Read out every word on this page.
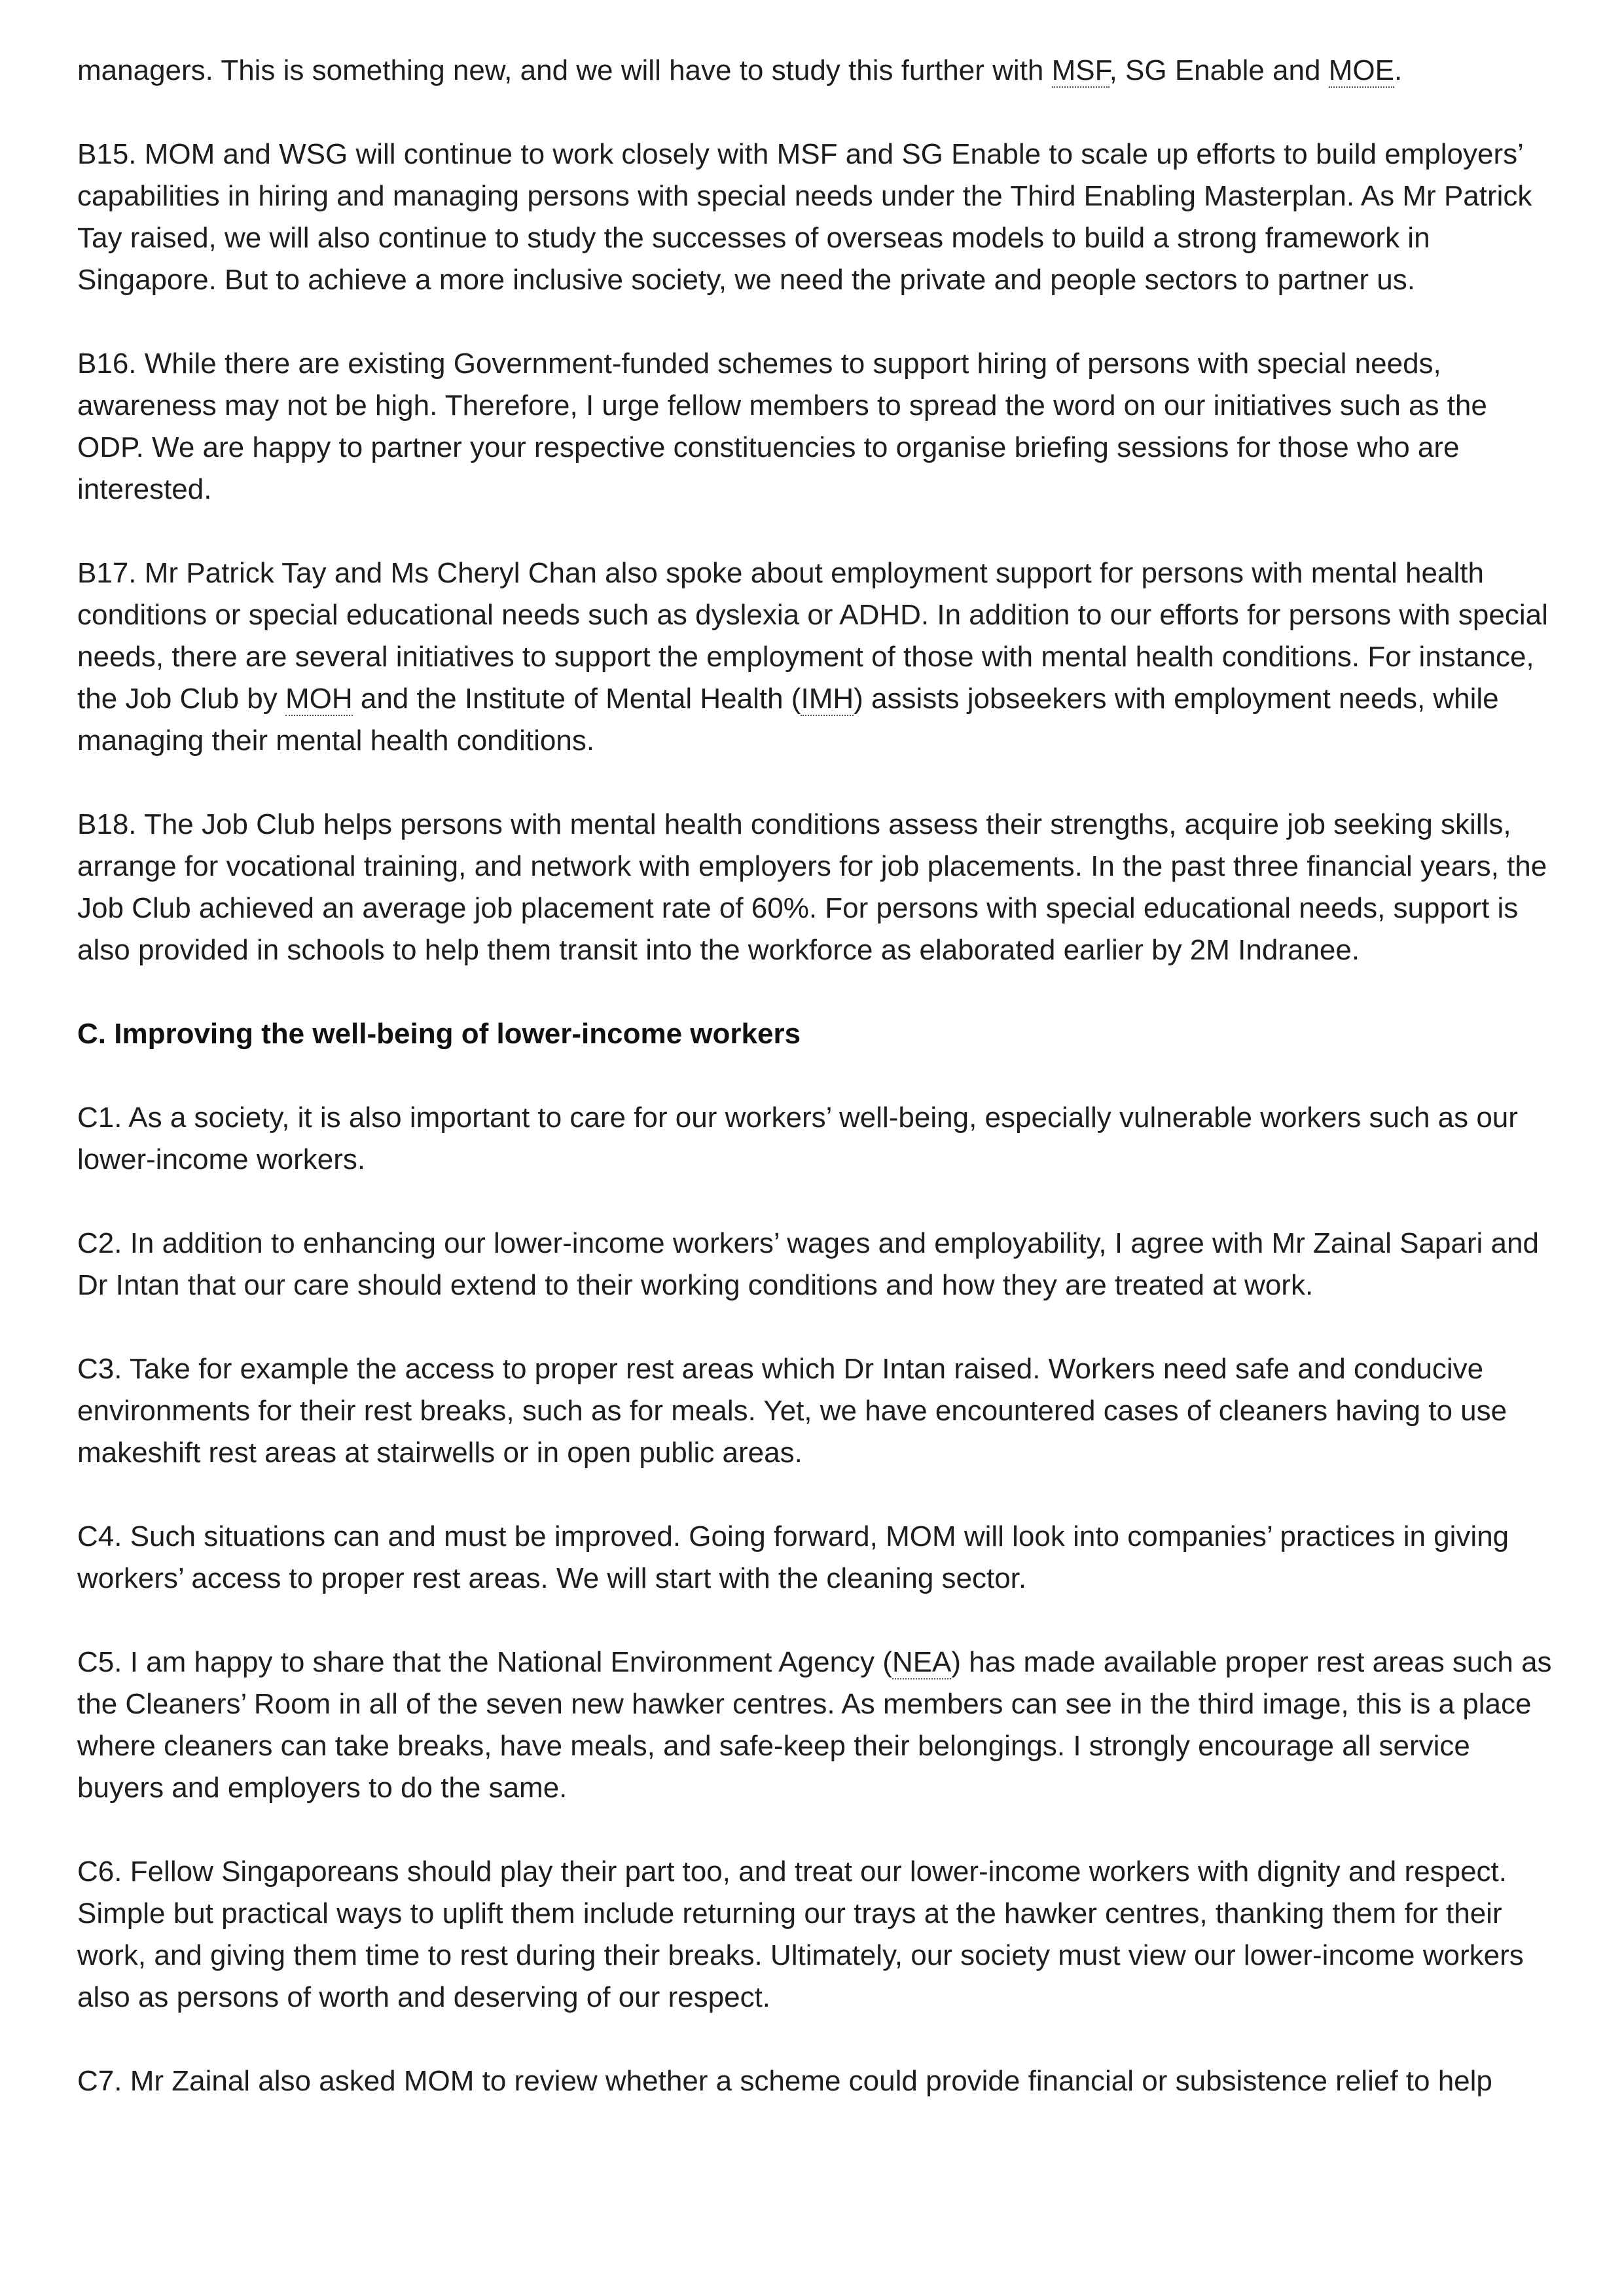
managers. This is something new, and we will have to study this further with MSF, SG Enable and MOE.

B15. MOM and WSG will continue to work closely with MSF and SG Enable to scale up efforts to build employers’ capabilities in hiring and managing persons with special needs under the Third Enabling Masterplan. As Mr Patrick Tay raised, we will also continue to study the successes of overseas models to build a strong framework in Singapore. But to achieve a more inclusive society, we need the private and people sectors to partner us.

B16. While there are existing Government-funded schemes to support hiring of persons with special needs, awareness may not be high. Therefore, I urge fellow members to spread the word on our initiatives such as the ODP. We are happy to partner your respective constituencies to organise briefing sessions for those who are interested.

B17. Mr Patrick Tay and Ms Cheryl Chan also spoke about employment support for persons with mental health conditions or special educational needs such as dyslexia or ADHD. In addition to our efforts for persons with special needs, there are several initiatives to support the employment of those with mental health conditions. For instance, the Job Club by MOH and the Institute of Mental Health (IMH) assists jobseekers with employment needs, while managing their mental health conditions.

B18. The Job Club helps persons with mental health conditions assess their strengths, acquire job seeking skills, arrange for vocational training, and network with employers for job placements. In the past three financial years, the Job Club achieved an average job placement rate of 60%. For persons with special educational needs, support is also provided in schools to help them transit into the workforce as elaborated earlier by 2M Indranee.

C. Improving the well-being of lower-income workers

C1. As a society, it is also important to care for our workers’ well-being, especially vulnerable workers such as our lower-income workers.

C2. In addition to enhancing our lower-income workers’ wages and employability, I agree with Mr Zainal Sapari and Dr Intan that our care should extend to their working conditions and how they are treated at work.

C3. Take for example the access to proper rest areas which Dr Intan raised. Workers need safe and conducive environments for their rest breaks, such as for meals. Yet, we have encountered cases of cleaners having to use makeshift rest areas at stairwells or in open public areas.

C4. Such situations can and must be improved. Going forward, MOM will look into companies’ practices in giving workers’ access to proper rest areas. We will start with the cleaning sector.

C5. I am happy to share that the National Environment Agency (NEA) has made available proper rest areas such as the Cleaners’ Room in all of the seven new hawker centres. As members can see in the third image, this is a place where cleaners can take breaks, have meals, and safe-keep their belongings. I strongly encourage all service buyers and employers to do the same.

C6. Fellow Singaporeans should play their part too, and treat our lower-income workers with dignity and respect. Simple but practical ways to uplift them include returning our trays at the hawker centres, thanking them for their work, and giving them time to rest during their breaks. Ultimately, our society must view our lower-income workers also as persons of worth and deserving of our respect.

C7. Mr Zainal also asked MOM to review whether a scheme could provide financial or subsistence relief to help
